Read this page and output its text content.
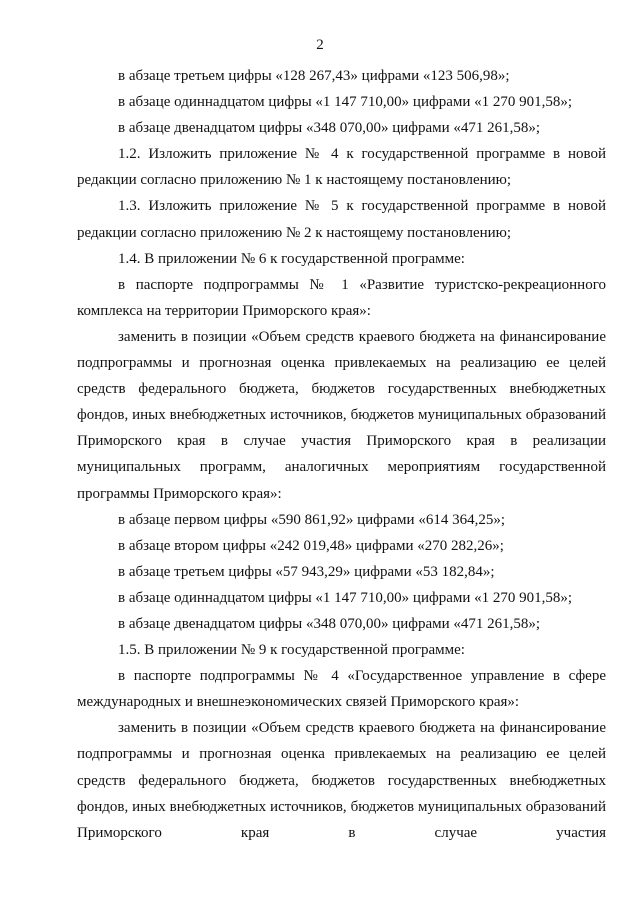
2

в абзаце третьем цифры «128 267,43» цифрами «123 506,98»;

в абзаце одиннадцатом цифры «1 147 710,00» цифрами «1 270 901,58»;

в абзаце двенадцатом цифры «348 070,00» цифрами «471 261,58»;

1.2. Изложить приложение № 4 к государственной программе в новой редакции согласно приложению № 1 к настоящему постановлению;

1.3. Изложить приложение № 5 к государственной программе в новой редакции согласно приложению № 2 к настоящему постановлению;

1.4. В приложении № 6 к государственной программе:

в паспорте подпрограммы № 1 «Развитие туристско-рекреационного комплекса на территории Приморского края»:

заменить в позиции «Объем средств краевого бюджета на финансирование подпрограммы и прогнозная оценка привлекаемых на реализацию ее целей средств федерального бюджета, бюджетов государственных внебюджетных фондов, иных внебюджетных источников, бюджетов муниципальных образований Приморского края в случае участия Приморского края в реализации муниципальных программ, аналогичных мероприятиям государственной программы Приморского края»:

в абзаце первом цифры «590 861,92» цифрами «614 364,25»;

в абзаце втором цифры «242 019,48» цифрами «270 282,26»;

в абзаце третьем цифры «57 943,29» цифрами «53 182,84»;

в абзаце одиннадцатом цифры «1 147 710,00» цифрами «1 270 901,58»;

в абзаце двенадцатом цифры «348 070,00» цифрами «471 261,58»;

1.5. В приложении № 9 к государственной программе:

в паспорте подпрограммы № 4 «Государственное управление в сфере международных и внешнеэкономических связей Приморского края»:

заменить в позиции «Объем средств краевого бюджета на финансирование подпрограммы и прогнозная оценка привлекаемых на реализацию ее целей средств федерального бюджета, бюджетов государственных внебюджетных фондов, иных внебюджетных источников, бюджетов муниципальных образований Приморского края в случае участия
